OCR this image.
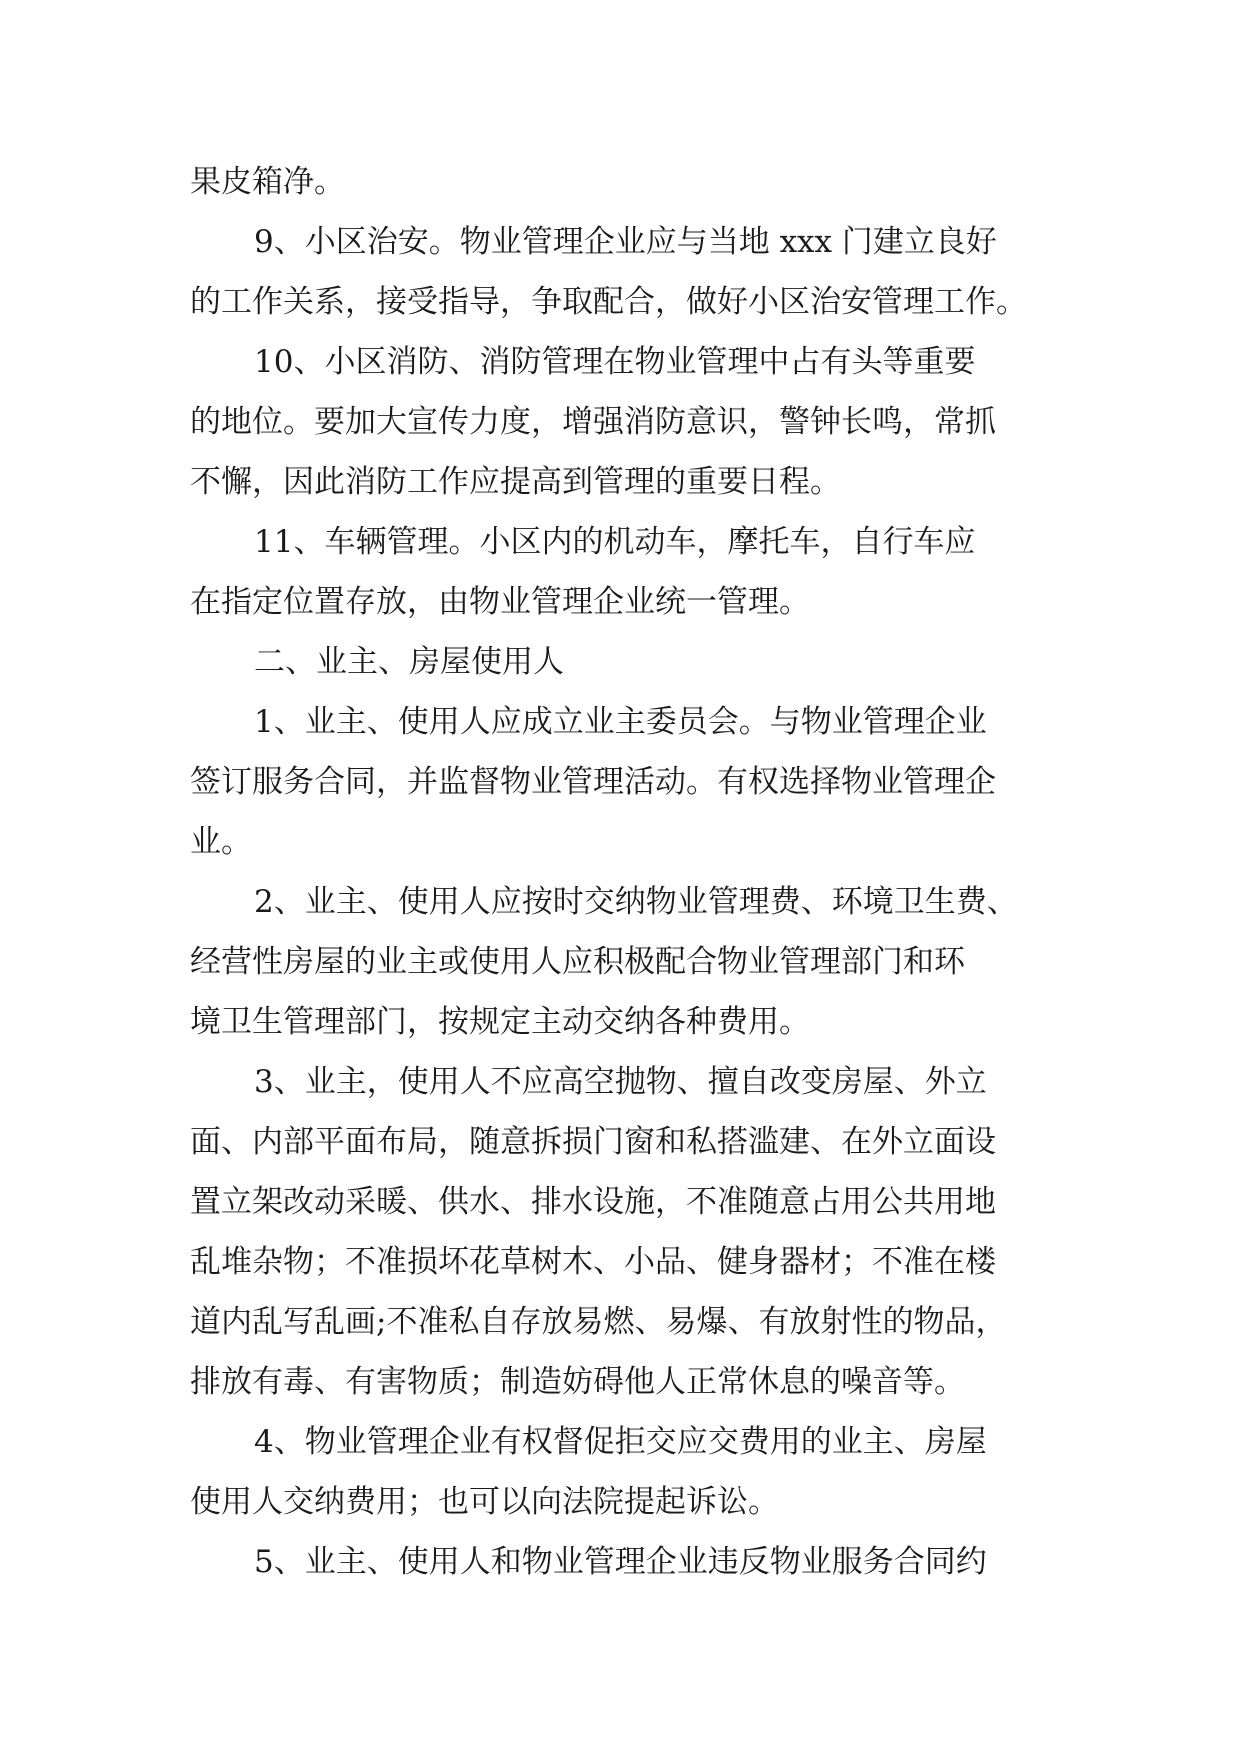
果皮箱净。
9、小区治安。物业管理企业应与当地 xxx 门建立良好
的工作关系，接受指导，争取配合，做好小区治安管理工作。
10、小区消防、消防管理在物业管理中占有头等重要
的地位。要加大宣传力度，增强消防意识，警钟长鸣，常抓
不懈，因此消防工作应提高到管理的重要日程。
11、车辆管理。小区内的机动车，摩托车，自行车应
在指定位置存放，由物业管理企业统一管理。
二、业主、房屋使用人
1、业主、使用人应成立业主委员会。与物业管理企业
签订服务合同，并监督物业管理活动。有权选择物业管理企
业。
2、业主、使用人应按时交纳物业管理费、环境卫生费、
经营性房屋的业主或使用人应积极配合物业管理部门和环
境卫生管理部门，按规定主动交纳各种费用。
3、业主，使用人不应高空抛物、擅自改变房屋、外立
面、内部平面布局，随意拆损门窗和私搭滥建、在外立面设
置立架改动采暖、供水、排水设施，不准随意占用公共用地
乱堆杂物；不准损坏花草树木、小品、健身器材；不准在楼
道内乱写乱画;不准私自存放易燃、易爆、有放射性的物品，
排放有毒、有害物质；制造妨碍他人正常休息的噪音等。
4、物业管理企业有权督促拒交应交费用的业主、房屋
使用人交纳费用；也可以向法院提起诉讼。
5、业主、使用人和物业管理企业违反物业服务合同约
